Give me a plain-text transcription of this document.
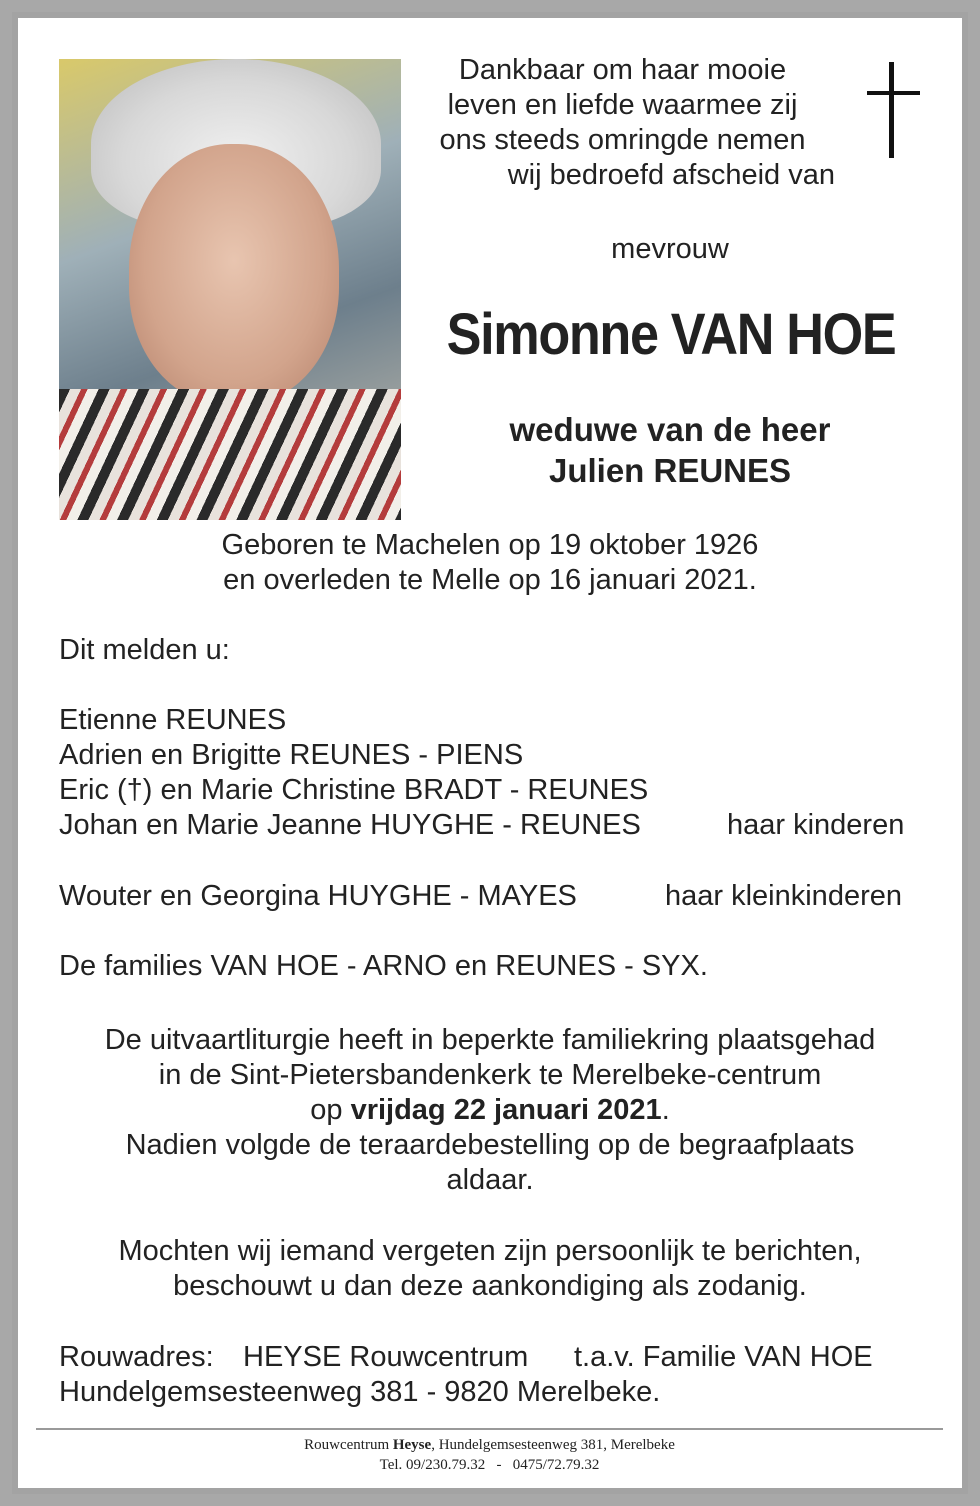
Dankbaar om haar mooie
leven en liefde waarmee zij
ons steeds omringde nemen
wij bedroefd afscheid van
mevrouw
Simonne VAN HOE
weduwe van de heer
Julien REUNES
Geboren te Machelen op 19 oktober 1926
en overleden te Melle op 16 januari 2021.
Dit melden u:
Etienne REUNES
Adrien en Brigitte REUNES - PIENS
Eric (†) en Marie Christine BRADT - REUNES
Johan en Marie Jeanne HUYGHE - REUNES	haar kinderen
Wouter en Georgina HUYGHE - MAYES	haar kleinkinderen
De families VAN HOE - ARNO en REUNES - SYX.
De uitvaartliturgie heeft in beperkte familiekring plaatsgehad
in de Sint-Pietersbandenkerk te Merelbeke-centrum
op vrijdag 22 januari 2021.
Nadien volgde de teraardebestelling op de begraafplaats
aldaar.
Mochten wij iemand vergeten zijn persoonlijk te berichten,
beschouwt u dan deze aankondiging als zodanig.
Rouwadres: HEYSE Rouwcentrum t.a.v. Familie VAN HOE
Hundelgemsesteenweg 381 - 9820 Merelbeke.
Rouwcentrum Heyse, Hundelgemsesteenweg 381, Merelbeke
Tel. 09/230.79.32   -   0475/72.79.32
